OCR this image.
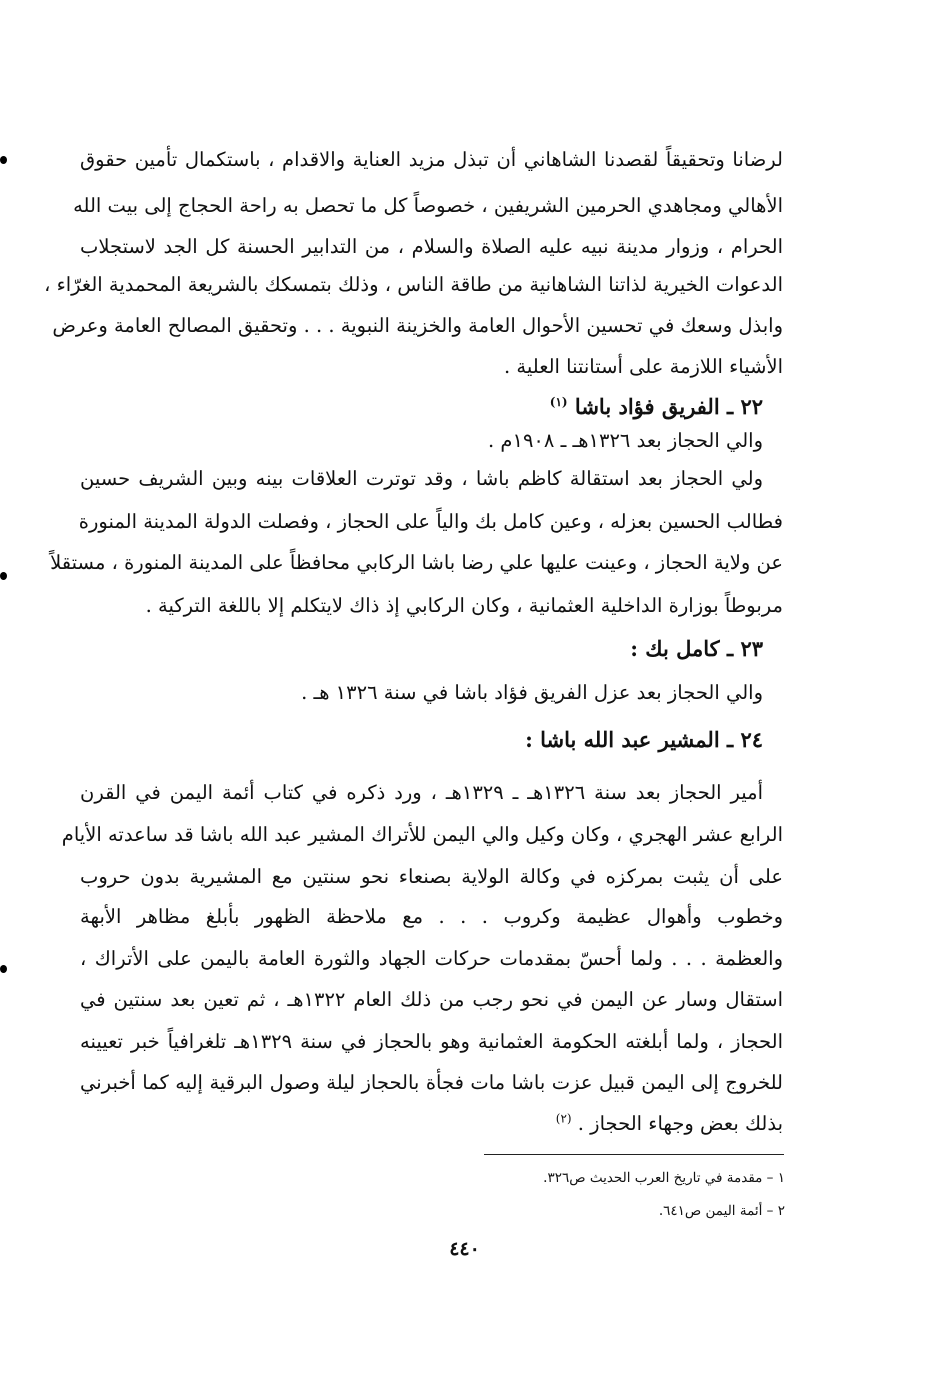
لرضانا وتحقيقاً لقصدنا الشاهاني أن تبذل مزيد العناية والاقدام ، باستكمال تأمين حقوق
الأهالي ومجاهدي الحرمين الشريفين ، خصوصاً كل ما تحصل به راحة الحجاج إلى بيت الله
الحرام ، وزوار مدينة نبيه عليه الصلاة والسلام ، من التدابير الحسنة كل الجد لاستجلاب
الدعوات الخيرية لذاتنا الشاهانية من طاقة الناس ، وذلك بتمسكك بالشريعة المحمدية الغرّاء ،
وابذل وسعك في تحسين الأحوال العامة والخزينة النبوية . . . وتحقيق المصالح العامة وعرض
الأشياء اللازمة على أستانتنا العلية .
٢٢ ـ الفريق فؤاد باشا $^{(١)}$
والي الحجاز بعد ١٣٢٦هـ ـ ١٩٠٨م .
ولي الحجاز بعد استقالة كاظم باشا ، وقد توترت العلاقات بينه وبين الشريف حسين
فطالب الحسين بعزله ، وعين كامل بك والياً على الحجاز ، وفصلت الدولة المدينة المنورة
عن ولاية الحجاز ، وعينت عليها علي رضا باشا الركابي محافظاً على المدينة المنورة ، مستقلاً
مربوطاً بوزارة الداخلية العثمانية ، وكان الركابي إذ ذاك لايتكلم إلا باللغة التركية .
٢٣ ـ كامل بك :
والي الحجاز بعد عزل الفريق فؤاد باشا في سنة ١٣٢٦ هـ .
٢٤ ـ المشير عبد الله باشا :
أمير الحجاز بعد سنة ١٣٢٦هـ ـ ١٣٢٩هـ ، ورد ذكره في كتاب أئمة اليمن في القرن
الرابع عشر الهجري ، وكان وكيل والي اليمن للأتراك المشير عبد الله باشا قد ساعدته الأيام
على أن يثبت بمركزه في وكالة الولاية بصنعاء نحو سنتين مع المشيرية بدون حروب
وخطوب وأهوال عظيمة وكروب . . . مع ملاحظة الظهور بأبلغ مظاهر الأبهة
والعظمة . . . ولما أحسّ بمقدمات حركات الجهاد والثورة العامة باليمن على الأتراك ،
استقال وسار عن اليمن في نحو رجب من ذلك العام ١٣٢٢هـ ، ثم تعين بعد سنتين في
الحجاز ، ولما أبلغته الحكومة العثمانية وهو بالحجاز في سنة ١٣٢٩هـ تلغرافياً خبر تعيينه
للخروج إلى اليمن قبيل عزت باشا مات فجأة بالحجاز ليلة وصول البرقية إليه كما أخبرني
بذلك بعض وجهاء الحجاز . $^{(٢)}$
١ – مقدمة في تاريخ العرب الحديث ص٣٢٦.
٢ – أئمة اليمن ص٦٤١.
٤٤٠
